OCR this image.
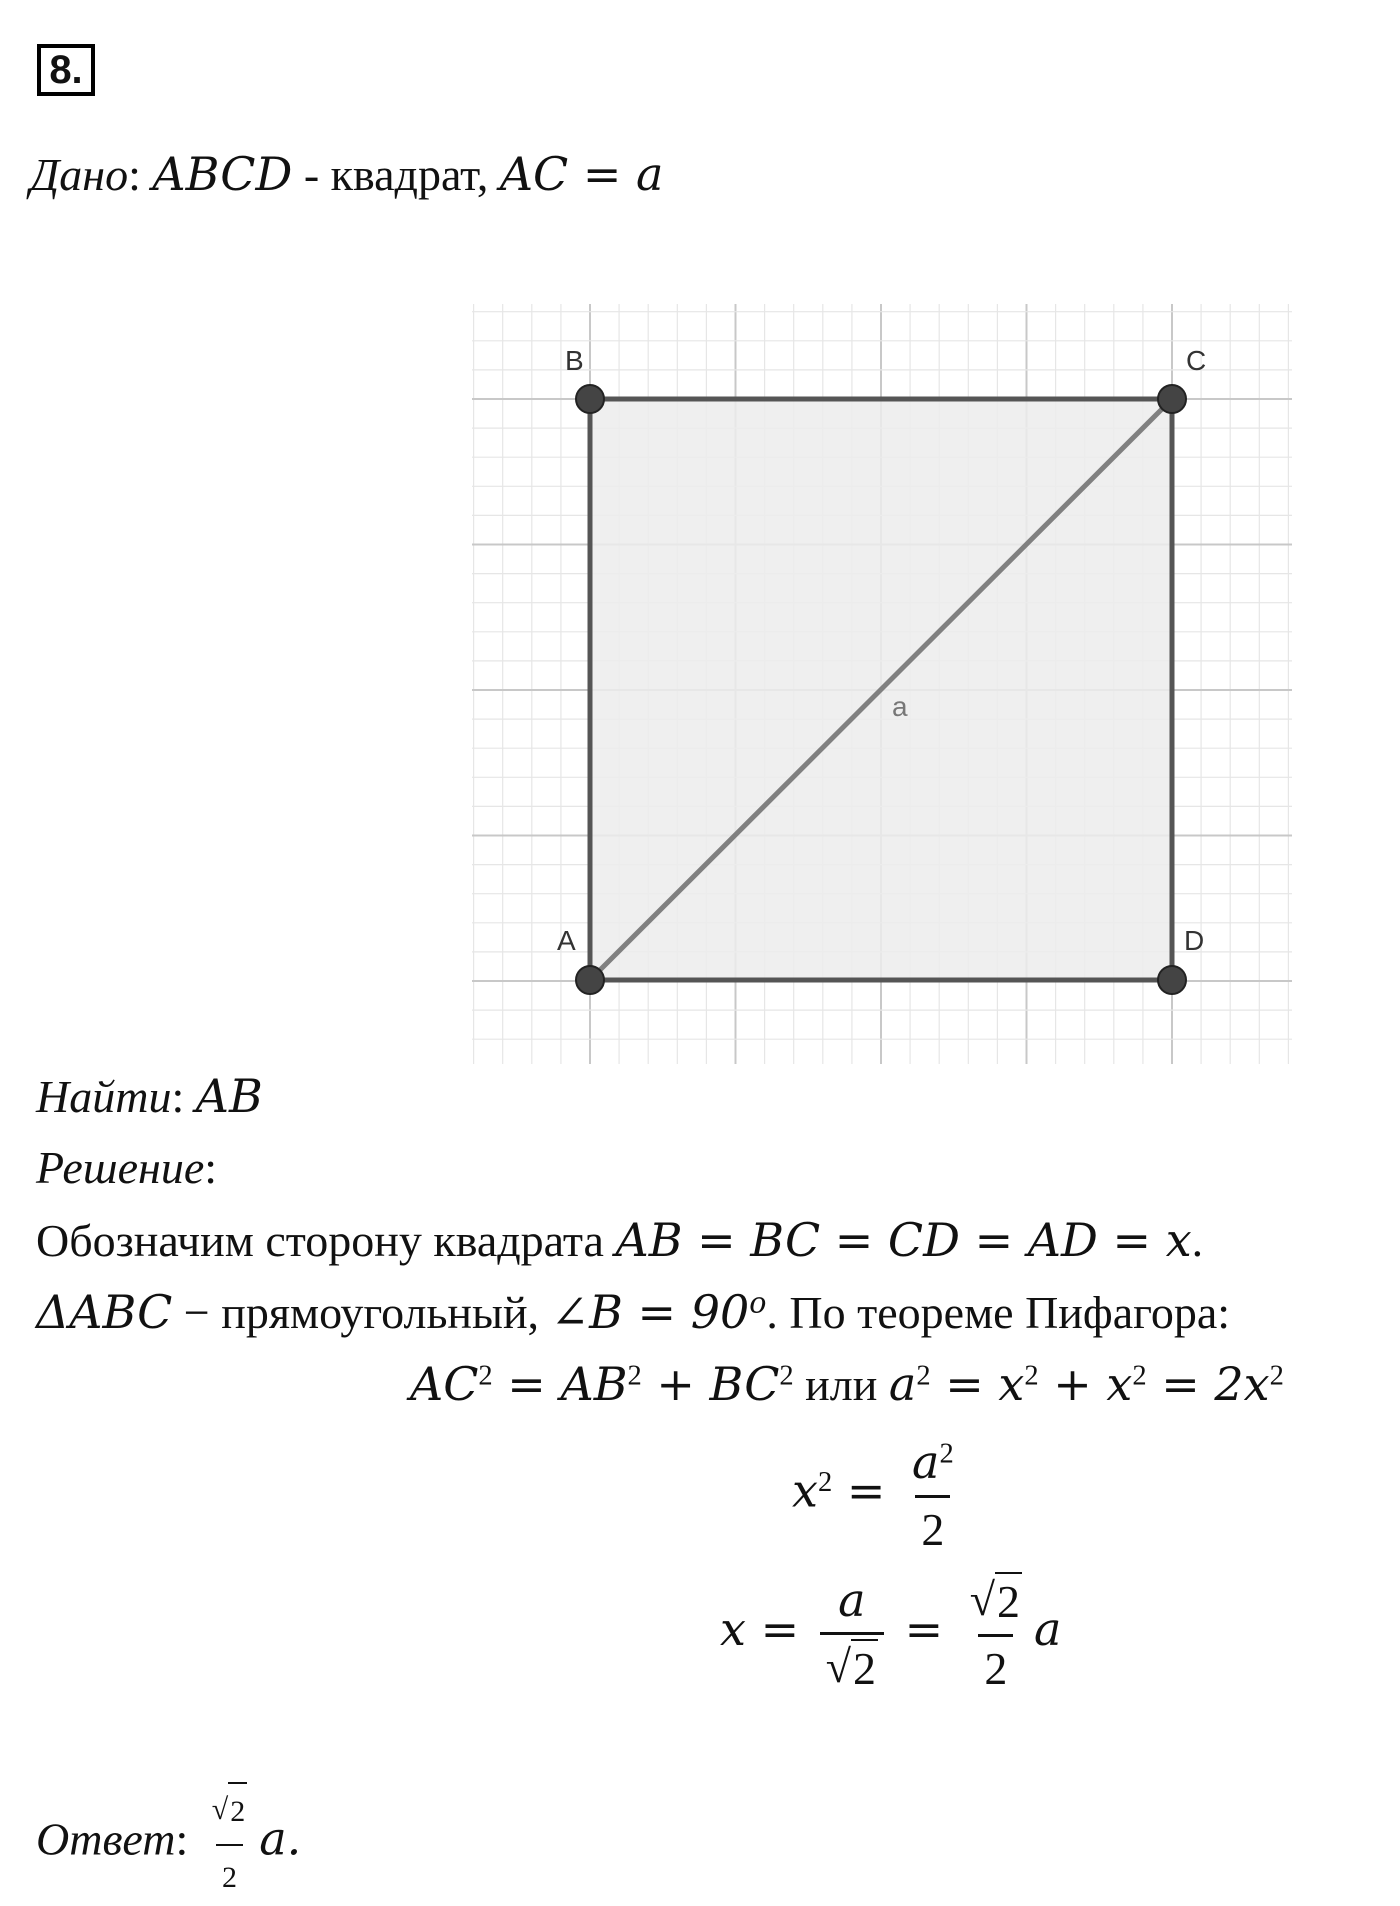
8.
Дано: ABCD - квадрат, AC = a
B	C
A	D
a
Найти: AB
Решение:
Обозначим сторону квадрата AB = BC = CD = AD = x.
ΔABC − прямоугольный, ∠B = $90^o$. По теореме Пифагора:
$AC^2 = AB^2 + BC^2$ или $a^2 = x^2 + x^2 = 2x^2$
$x^2 = \frac{a^2}{2}$
$x = \frac{a}{√ 2} = \frac{√ 2}{2}$ a
Ответ: $\frac{√ 2}{2} a$.
